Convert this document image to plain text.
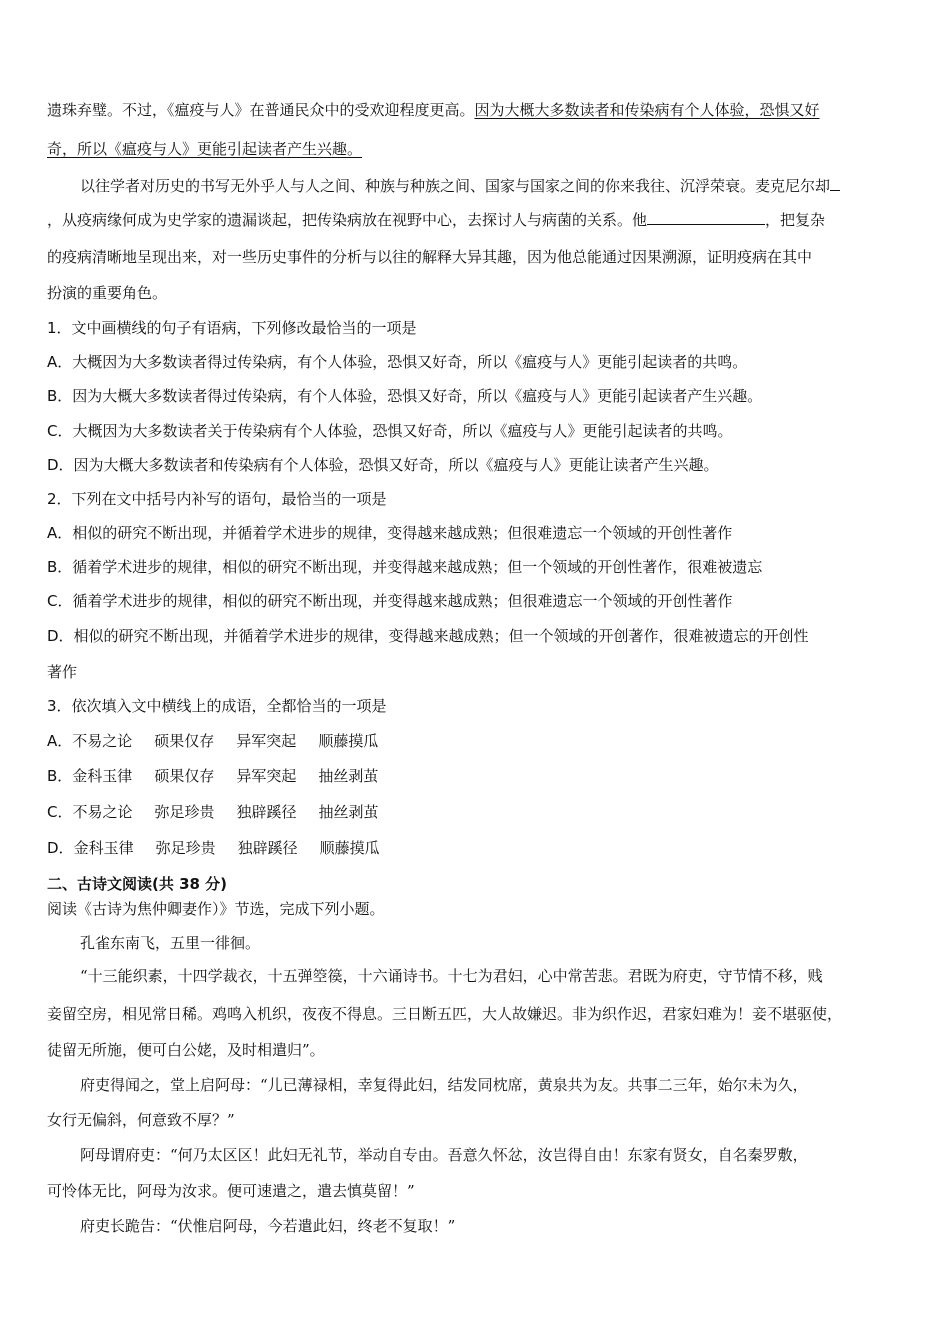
遗珠弃璧。不过，《瘟疫与人》在普通民众中的受欢迎程度更高。因为大概大多数读者和传染病有个人体验，恐惧又好
奇，所以《瘟疫与人》更能引起读者产生兴趣。
以往学者对历史的书写无外乎人与人之间、种族与种族之间、国家与国家之间的你来我往、沉浮荣衰。麦克尼尔却
，从疫病缘何成为史学家的遗漏谈起，把传染病放在视野中心，去探讨人与病菌的关系。他	，把复杂
的疫病清晰地呈现出来，对一些历史事件的分析与以往的解释大异其趣，因为他总能通过因果溯源，证明疫病在其中
扮演的重要角色。
1．文中画横线的句子有语病，下列修改最恰当的一项是
A．大概因为大多数读者得过传染病，有个人体验，恐惧又好奇，所以《瘟疫与人》更能引起读者的共鸣。
B．因为大概大多数读者得过传染病，有个人体验，恐惧又好奇，所以《瘟疫与人》更能引起读者产生兴趣。
C．大概因为大多数读者关于传染病有个人体验，恐惧又好奇，所以《瘟疫与人》更能引起读者的共鸣。
D．因为大概大多数读者和传染病有个人体验，恐惧又好奇，所以《瘟疫与人》更能让读者产生兴趣。
2．下列在文中括号内补写的语句，最恰当的一项是
A．相似的研究不断出现，并循着学术进步的规律，变得越来越成熟；但很难遗忘一个领域的开创性著作
B．循着学术进步的规律，相似的研究不断出现，并变得越来越成熟；但一个领域的开创性著作，很难被遗忘
C．循着学术进步的规律，相似的研究不断出现，并变得越来越成熟；但很难遗忘一个领域的开创性著作
D．相似的研究不断出现，并循着学术进步的规律，变得越来越成熟；但一个领域的开创著作，很难被遗忘的开创性
著作
3．依次填入文中横线上的成语，全都恰当的一项是
A．不易之论 硕果仅存 异军突起 顺藤摸瓜
B．金科玉律 硕果仅存 异军突起 抽丝剥茧
C．不易之论 弥足珍贵 独辟蹊径 抽丝剥茧
D．金科玉律 弥足珍贵 独辟蹊径 顺藤摸瓜
二、古诗文阅读(共 38 分)
阅读《古诗为焦仲卿妻作）》节选，完成下列小题。
孔雀东南飞，五里一徘徊。
“十三能织素，十四学裁衣，十五弹箜篌，十六诵诗书。十七为君妇，心中常苦悲。君既为府吏，守节情不移，贱
妾留空房，相见常日稀。鸡鸣入机织，夜夜不得息。三日断五匹，大人故嫌迟。非为织作迟，君家妇难为！妾不堪驱使，
徒留无所施，便可白公姥，及时相遣归”。
府吏得闻之，堂上启阿母：“儿已薄禄相，幸复得此妇，结发同枕席，黄泉共为友。共事二三年，始尔未为久，
女行无偏斜，何意致不厚？”
阿母谓府吏：“何乃太区区！此妇无礼节，举动自专由。吾意久怀忿，汝岂得自由！东家有贤女，自名秦罗敷，
可怜体无比，阿母为汝求。便可速遣之，遣去慎莫留！”
府吏长跪告：“伏惟启阿母，今若遣此妇，终老不复取！”
